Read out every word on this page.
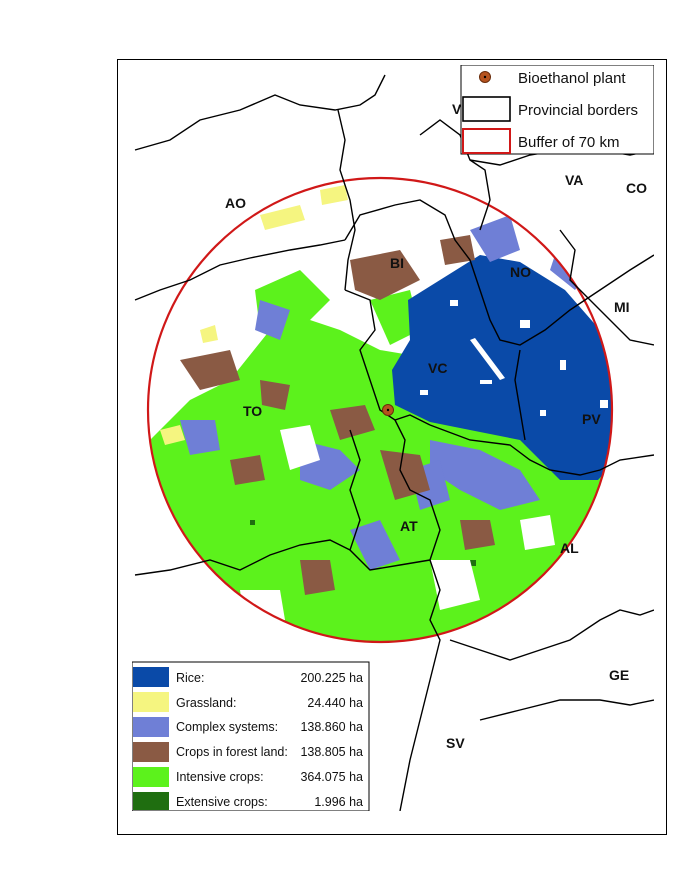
AO
BI
NO
VA	CO
MI
VC
TO	PV
AT
AL
GE
SV
V
Bioethanol plant
Provincial borders
Buffer of 70 km
Rice:	200.225 ha
Grassland:	24.440 ha
Complex systems: 138.860 ha
Crops in forest land: 138.805 ha
Intensive crops:	364.075 ha
Extensive crops:	1.996 ha
